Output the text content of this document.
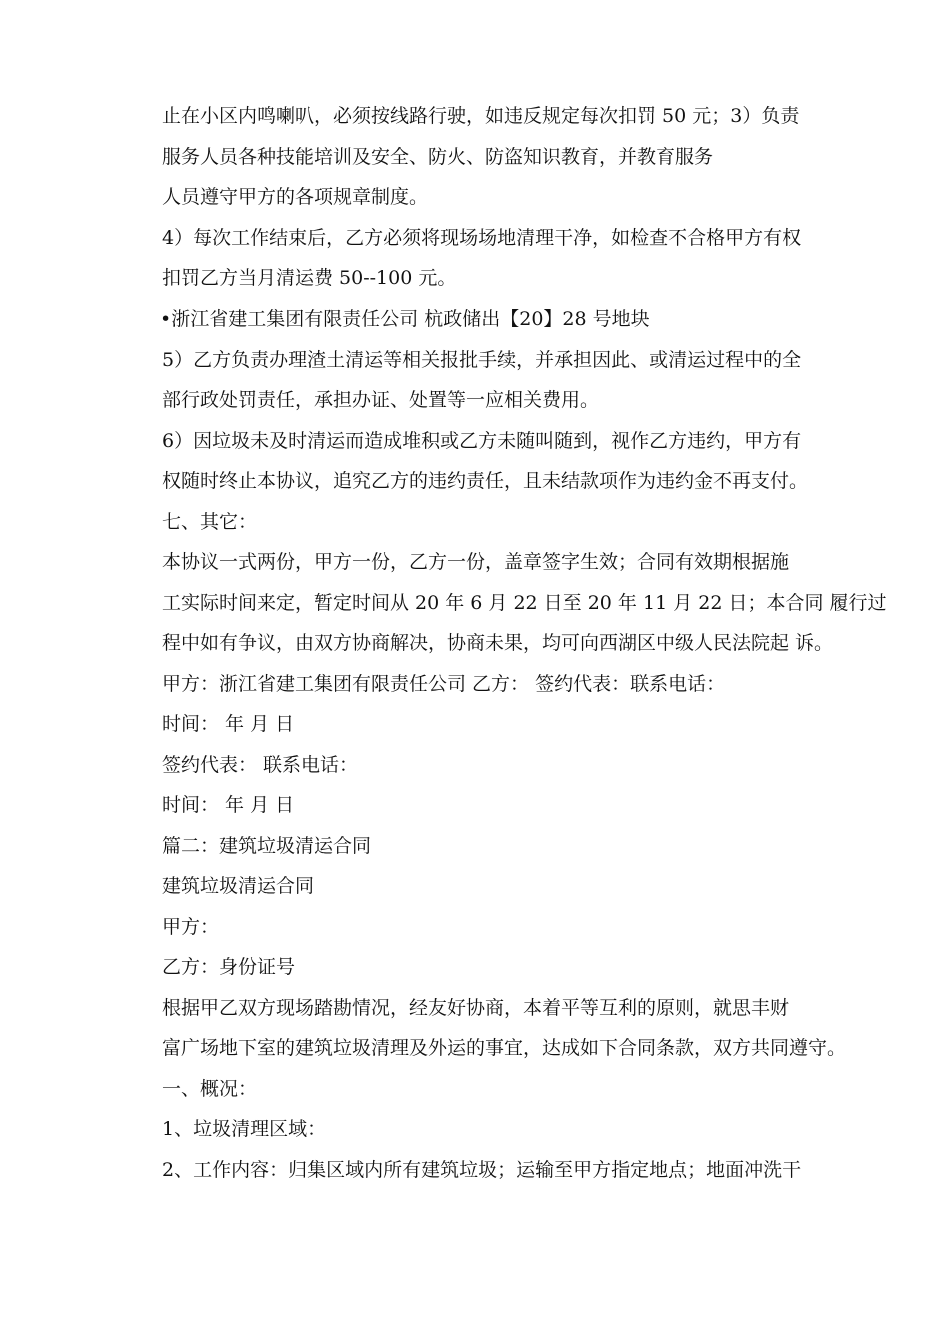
止在小区内鸣喇叭，必须按线路行驶，如违反规定每次扣罚 50 元；3）负责
服务人员各种技能培训及安全、防火、防盗知识教育，并教育服务
人员遵守甲方的各项规章制度。
4）每次工作结束后，乙方必须将现场场地清理干净，如检查不合格甲方有权
扣罚乙方当月清运费 50--100 元。
•浙江省建工集团有限责任公司 杭政储出【20】28 号地块
5）乙方负责办理渣土清运等相关报批手续，并承担因此、或清运过程中的全
部行政处罚责任，承担办证、处置等一应相关费用。
6）因垃圾未及时清运而造成堆积或乙方未随叫随到，视作乙方违约，甲方有
权随时终止本协议，追究乙方的违约责任，且未结款项作为违约金不再支付。
七、其它：
本协议一式两份，甲方一份，乙方一份，盖章签字生效；合同有效期根据施
工实际时间来定，暂定时间从 20 年 6 月 22 日至 20 年 11 月 22 日；本合同 履行过
程中如有争议，由双方协商解决，协商未果，均可向西湖区中级人民法院起 诉。
甲方：浙江省建工集团有限责任公司 乙方： 签约代表：联系电话：
时间： 年 月 日
签约代表： 联系电话：
时间： 年 月 日
篇二：建筑垃圾清运合同
建筑垃圾清运合同
甲方：
乙方：身份证号
根据甲乙双方现场踏勘情况，经友好协商，本着平等互利的原则，就思丰财
富广场地下室的建筑垃圾清理及外运的事宜，达成如下合同条款，双方共同遵守。
一、概况：
1、垃圾清理区域：
2、工作内容：归集区域内所有建筑垃圾；运输至甲方指定地点；地面冲洗干
